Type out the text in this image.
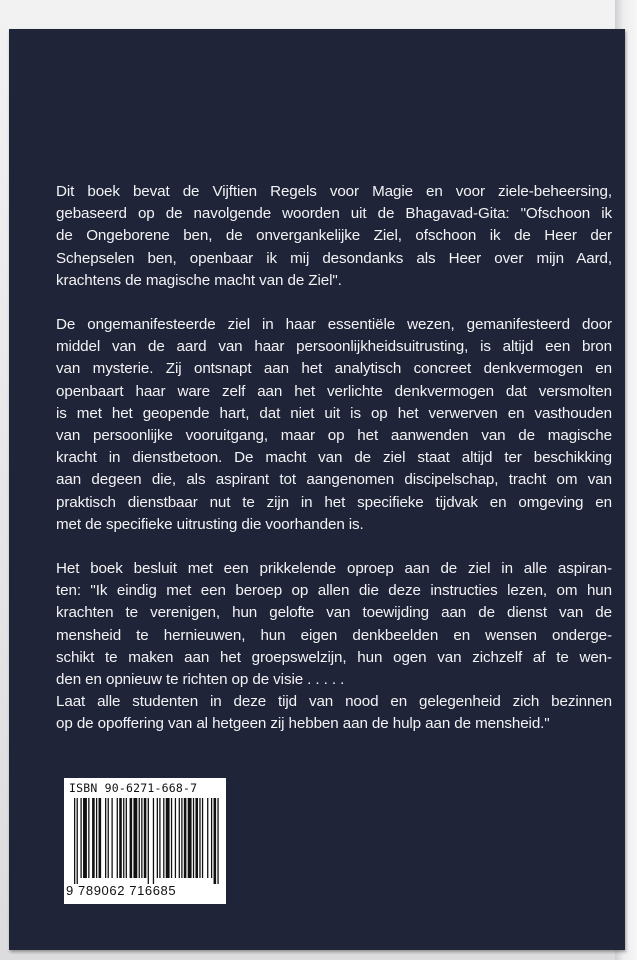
Dit boek bevat de Vijftien Regels voor Magie en voor ziele-beheersing,
gebaseerd op de navolgende woorden uit de Bhagavad-Gita: "Ofschoon ik
de Ongeborene ben, de onvergankelijke Ziel, ofschoon ik de Heer der
Schepselen ben, openbaar ik mij desondanks als Heer over mijn Aard,
krachtens de magische macht van de Ziel".

De ongemanifesteerde ziel in haar essentiële wezen, gemanifesteerd door
middel van de aard van haar persoonlijkheidsuitrusting, is altijd een bron
van mysterie. Zij ontsnapt aan het analytisch concreet denkvermogen en
openbaart haar ware zelf aan het verlichte denkvermogen dat versmolten
is met het geopende hart, dat niet uit is op het verwerven en vasthouden
van persoonlijke vooruitgang, maar op het aanwenden van de magische
kracht in dienstbetoon. De macht van de ziel staat altijd ter beschikking
aan degeen die, als aspirant tot aangenomen discipelschap, tracht om van
praktisch dienstbaar nut te zijn in het specifieke tijdvak en omgeving en
met de specifieke uitrusting die voorhanden is.

Het boek besluit met een prikkelende oproep aan de ziel in alle aspiran-
ten: "Ik eindig met een beroep op allen die deze instructies lezen, om hun
krachten te verenigen, hun gelofte van toewijding aan de dienst van de
mensheid te hernieuwen, hun eigen denkbeelden en wensen onderge-
schikt te maken aan het groepswelzijn, hun ogen van zichzelf af te wen-
den en opnieuw te richten op de visie . . . . .
Laat alle studenten in deze tijd van nood en gelegenheid zich bezinnen
op de opoffering van al hetgeen zij hebben aan de hulp aan de mensheid."

ISBN 90-6271-668-7
9 789062 716685
